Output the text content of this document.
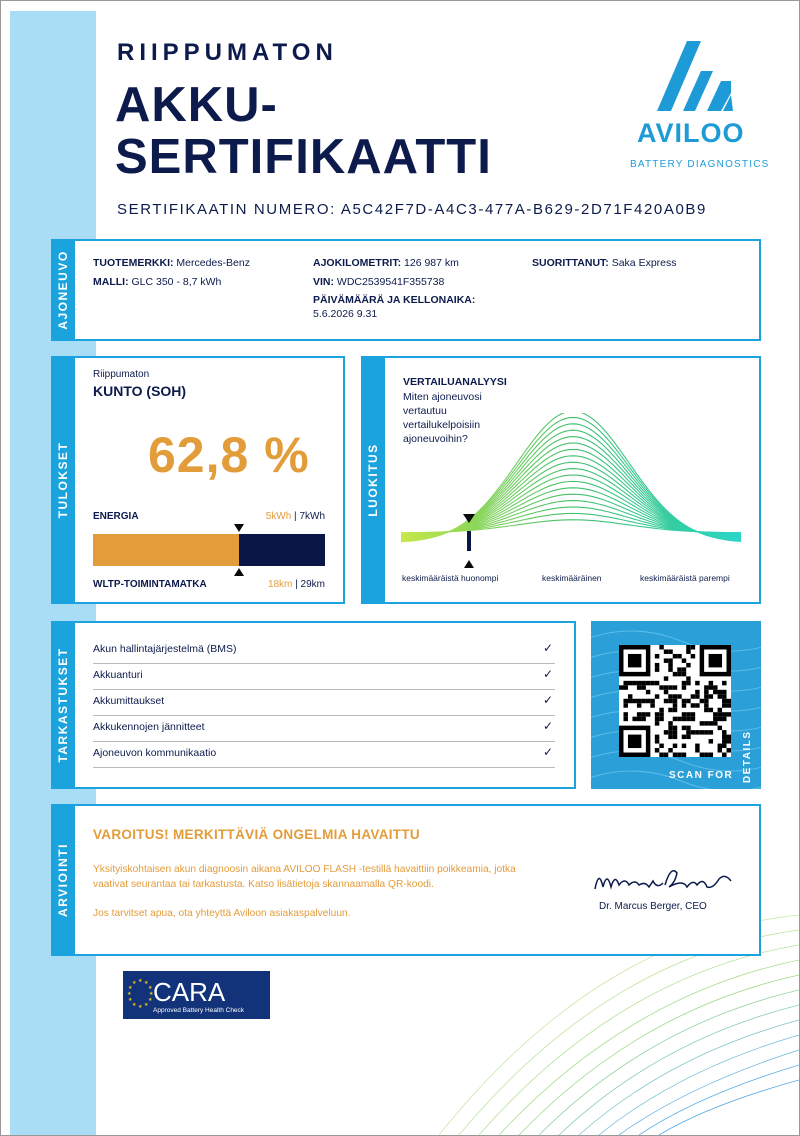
RIIPPUMATON
AKKU-
SERTIFIKAATTI
SERTIFIKAATIN NUMERO: A5C42F7D-A4C3-477A-B629-2D71F420A0B9
AVILOO
BATTERY DIAGNOSTICS
AJONEUVO TUOTEMERKKI: Mercedes-Benz
MALLI: GLC 350 - 8,7 kWh
AJOKILOMETRIT: 126 987 km
VIN: WDC2539541F355738
PÄIVÄMÄÄRÄ JA KELLONAIKA:
5.6.2026 9.31
SUORITTANUT: Saka Express
TULOKSET
Riippumaton
KUNTO (SOH)
62,8 %
ENERGIA	5kWh | 7kWh
WLTP-TOIMINTAMATKA	18km | 29km
LUOKITUS
VERTAILUANALYYSI
Miten ajoneuvosi vertautuu vertailukelpoisiin ajoneuvoihin?
keskimääräistä huonompi	keskimääräinen	keskimääräistä parempi
TARKASTUKSET Akun hallintajärjestelmä (BMS)	✓
Akkuanturi	✓
Akkumittaukset	✓
Akkukennojen jännitteet	✓
Ajoneuvon kommunikaatio	✓
SCAN FOR DETAILS
ARVIOINTI
VAROITUS! MERKITTÄVIÄ ONGELMIA HAVAITTU
Yksityiskohtaisen akun diagnoosin aikana AVILOO FLASH -testillä havaittiin poikkeamia, jotka
vaativat seurantaa tai tarkastusta. Katso lisätietoja skannaamalla QR-koodi.
Jos tarvitset apua, ota yhteyttä Aviloon asiakaspalveluun.
Dr. Marcus Berger, CEO
★ ★
★
★
★
★
★
★
★
★
★
★ CARA
Approved Battery Health Check
